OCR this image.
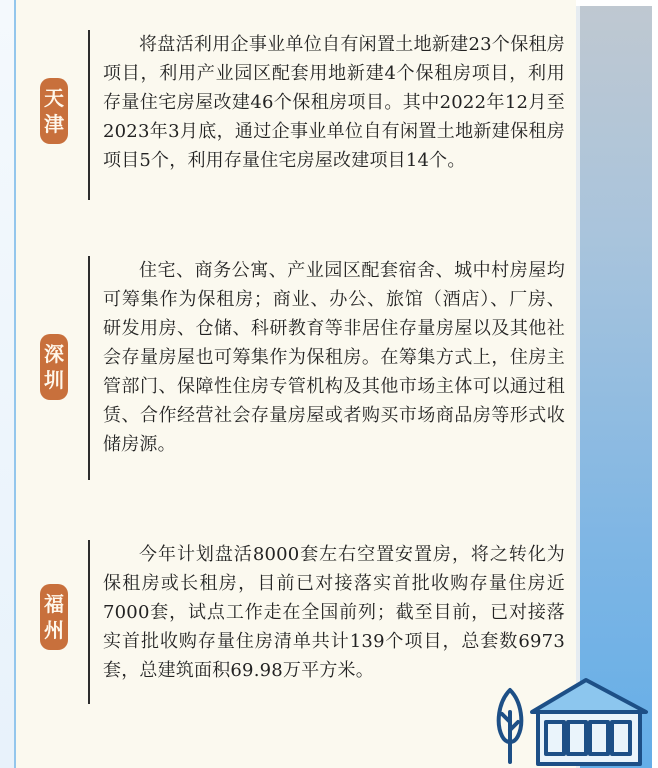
天
津

将盘活利用企事业单位自有闲置土地新建23个保租房项目，利用产业园区配套用地新建4个保租房项目，利用存量住宅房屋改建46个保租房项目。其中2022年12月至2023年3月底，通过企事业单位自有闲置土地新建保租房项目5个，利用存量住宅房屋改建项目14个。

深
圳

住宅、商务公寓、产业园区配套宿舍、城中村房屋均可筹集作为保租房；商业、办公、旅馆（酒店）、厂房、研发用房、仓储、科研教育等非居住存量房屋以及其他社会存量房屋也可筹集作为保租房。在筹集方式上，住房主管部门、保障性住房专管机构及其他市场主体可以通过租赁、合作经营社会存量房屋或者购买市场商品房等形式收储房源。

福
州

今年计划盘活8000套左右空置安置房，将之转化为保租房或长租房，目前已对接落实首批收购存量住房近7000套，试点工作走在全国前列；截至目前，已对接落实首批收购存量住房清单共计139个项目，总套数6973套，总建筑面积69.98万平方米。
